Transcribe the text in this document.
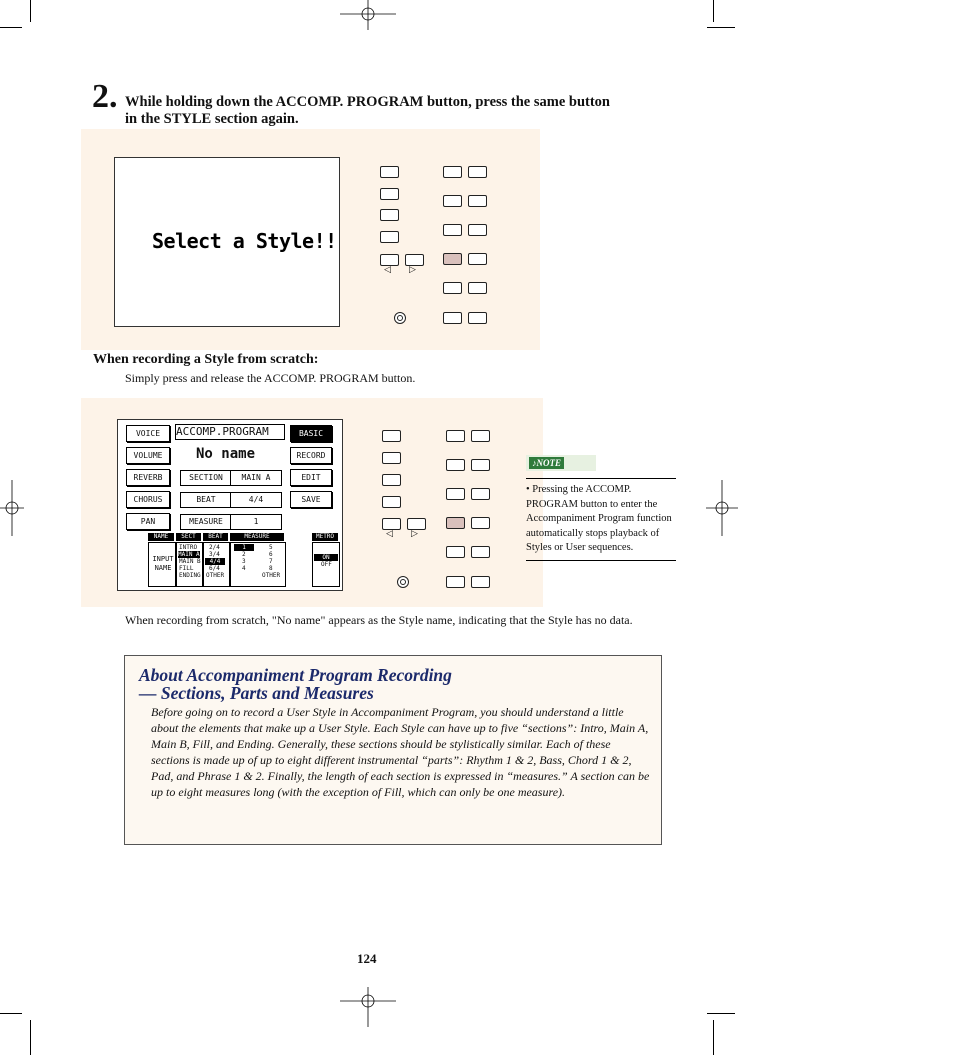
2. While holding down the ACCOMP. PROGRAM button, press the same button in the STYLE section again.
Select a Style!!
◁ ▷
When recording a Style from scratch:
Simply press and release the ACCOMP. PROGRAM button.
VOICE
VOLUME
REVERB
CHORUS
PAN
ACCOMP.PROGRAM
No name
SECTION	MAIN A
BEAT	4/4
MEASURE	1
BASIC
RECORD
EDIT
SAVE
NAME	SECT	BEAT	MEASURE	METRO
INPUT NAME
INTRO
MAIN A
MAIN B
FILL
ENDING
2/4
3/4
4/4
6/4
OTHER
1
2
3
4
5
6
7
8
OTHER
ON
OFF
◁ ▷
♪NOTE
• Pressing the ACCOMP. PROGRAM button to enter the Accompaniment Program function automatically stops playback of Styles or User sequences.
When recording from scratch, "No name" appears as the Style name, indicating that the Style has no data.
About Accompaniment Program Recording
— Sections, Parts and Measures
Before going on to record a User Style in Accompaniment Program, you should understand a little about the elements that make up a User Style. Each Style can have up to five “sections”: Intro, Main A, Main B, Fill, and Ending. Generally, these sections should be stylistically similar. Each of these sections is made up of up to eight different instrumental “parts”: Rhythm 1 & 2, Bass, Chord 1 & 2, Pad, and Phrase 1 & 2. Finally, the length of each section is expressed in “measures.” A section can be up to eight measures long (with the exception of Fill, which can only be one measure).
124
